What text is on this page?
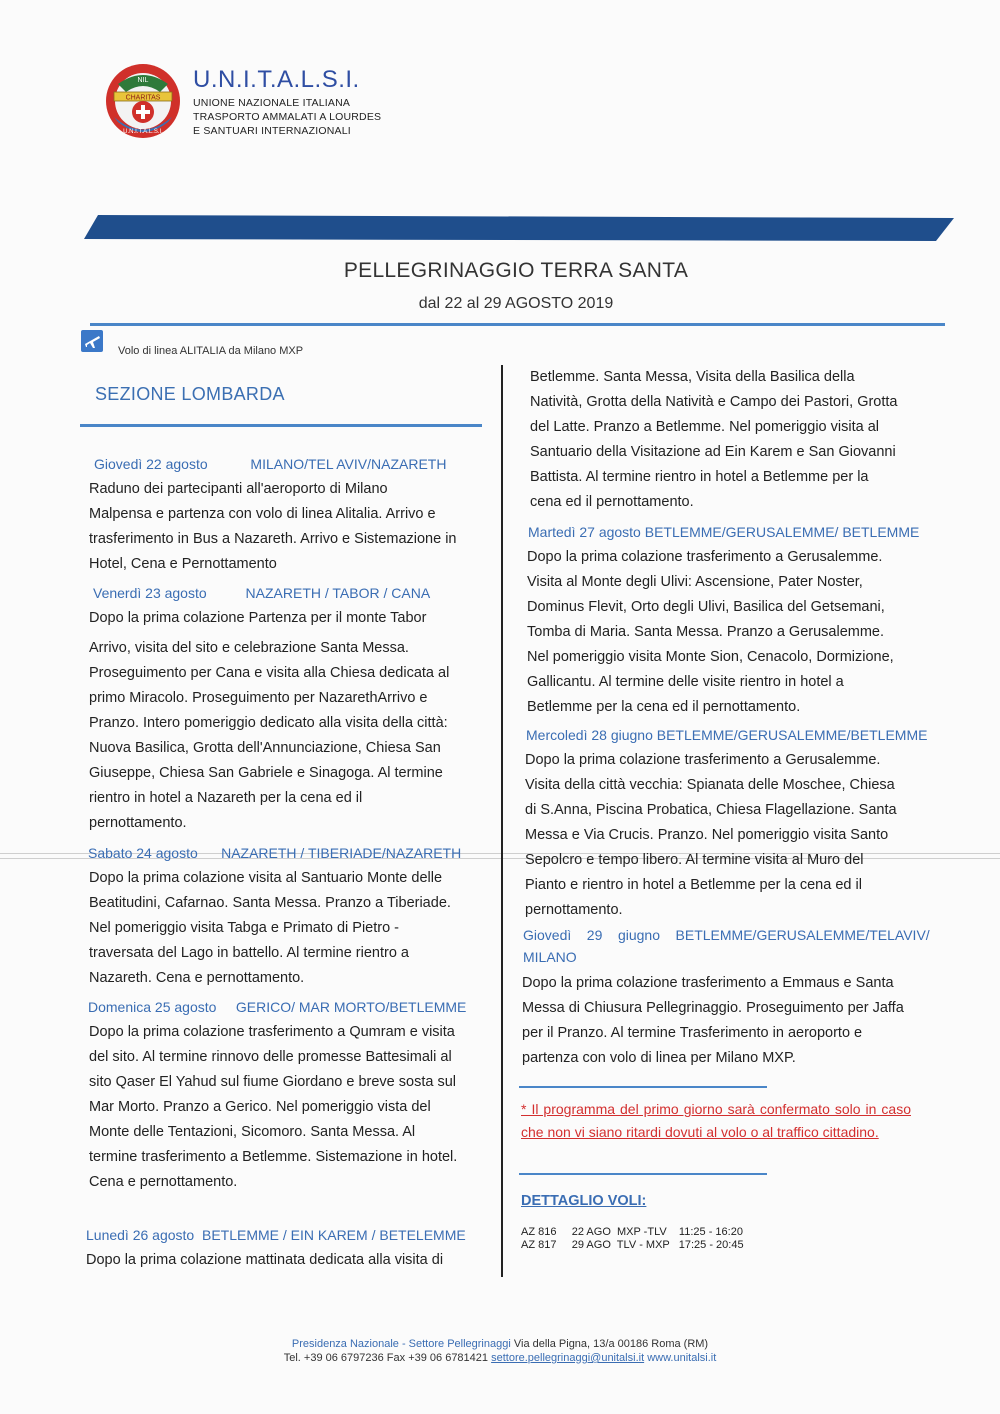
NIL
CHARITAS
U.N.I.T.A.L.S.I.
U.N.I.T.A.L.S.I.
UNIONE NAZIONALE ITALIANA
TRASPORTO AMMALATI A LOURDES
E SANTUARI INTERNAZIONALI
PELLEGRINAGGIO TERRA SANTA
dal 22 al 29 AGOSTO 2019
Volo di linea ALITALIA da Milano MXP
SEZIONE LOMBARDA
Giovedì 22 agosto           MILANO/TEL AVIV/NAZARETH
Raduno dei partecipanti all'aeroporto di Milano
Malpensa e partenza con volo di linea Alitalia. Arrivo e
trasferimento in Bus a Nazareth. Arrivo e Sistemazione in
Hotel, Cena e Pernottamento
Venerdì 23 agosto          NAZARETH / TABOR / CANA
Dopo la prima colazione Partenza per il monte Tabor
Arrivo, visita del sito e celebrazione Santa Messa.
Proseguimento per Cana e visita alla Chiesa dedicata al
primo Miracolo. Proseguimento per NazarethArrivo e
Pranzo. Intero pomeriggio dedicato alla visita della città:
Nuova Basilica, Grotta dell'Annunciazione, Chiesa San
Giuseppe, Chiesa San Gabriele e Sinagoga. Al termine
rientro in hotel a Nazareth per la cena ed il
pernottamento.
Sabato 24 agosto      NAZARETH / TIBERIADE/NAZARETH
Dopo la prima colazione visita al Santuario Monte delle
Beatitudini, Cafarnao. Santa Messa. Pranzo a Tiberiade.
Nel pomeriggio visita Tabga e Primato di Pietro -
traversata del Lago in battello. Al termine rientro a
Nazareth. Cena e pernottamento.
Domenica 25 agosto     GERICO/ MAR MORTO/BETLEMME
Dopo la prima colazione trasferimento a Qumram e visita
del sito. Al termine rinnovo delle promesse Battesimali al
sito Qaser El Yahud sul fiume Giordano e breve sosta sul
Mar Morto. Pranzo a Gerico. Nel pomeriggio vista del
Monte delle Tentazioni, Sicomoro. Santa Messa. Al
termine trasferimento a Betlemme. Sistemazione in hotel.
Cena e pernottamento.
Lunedì 26 agosto  BETLEMME / EIN KAREM / BETELEMME
Dopo la prima colazione mattinata dedicata alla visita di
Betlemme. Santa Messa, Visita della Basilica della
Natività, Grotta della Natività e Campo dei Pastori, Grotta
del Latte. Pranzo a Betlemme. Nel pomeriggio visita al
Santuario della Visitazione ad Ein Karem e San Giovanni
Battista. Al termine rientro in hotel a Betlemme per la
cena ed il pernottamento.
Martedì 27 agosto BETLEMME/GERUSALEMME/ BETLEMME
Dopo la prima colazione trasferimento a Gerusalemme.
Visita al Monte degli Ulivi: Ascensione, Pater Noster,
Dominus Flevit, Orto degli Ulivi, Basilica del Getsemani,
Tomba di Maria. Santa Messa. Pranzo a Gerusalemme.
Nel pomeriggio visita Monte Sion, Cenacolo, Dormizione,
Gallicantu. Al termine delle visite rientro in hotel a
Betlemme per la cena ed il pernottamento.
Mercoledì 28 giugno BETLEMME/GERUSALEMME/BETLEMME
Dopo la prima colazione trasferimento a Gerusalemme.
Visita della città vecchia: Spianata delle Moschee, Chiesa
di S.Anna, Piscina Probatica, Chiesa Flagellazione. Santa
Messa e Via Crucis. Pranzo. Nel pomeriggio visita Santo
Sepolcro e tempo libero. Al termine visita al Muro del
Pianto e rientro in hotel a Betlemme per la cena ed il
pernottamento.
Giovedì    29    giugno    BETLEMME/GERUSALEMME/TELAVIV/
MILANO
Dopo la prima colazione trasferimento a Emmaus e Santa
Messa di Chiusura Pellegrinaggio. Proseguimento per Jaffa
per il Pranzo. Al termine Trasferimento in aeroporto e
partenza con volo di linea per Milano MXP.
* Il programma del primo giorno sarà confermato solo in caso che non vi siano ritardi dovuti al volo o al traffico cittadino.
DETTAGLIO VOLI:
AZ 816     22 AGO  MXP -TLV    11:25 - 16:20
AZ 817     29 AGO  TLV - MXP   17:25 - 20:45
Presidenza Nazionale - Settore Pellegrinaggi Via della Pigna, 13/a 00186 Roma (RM)
Tel. +39 06 6797236 Fax +39 06 6781421 settore.pellegrinaggi@unitalsi.it www.unitalsi.it
